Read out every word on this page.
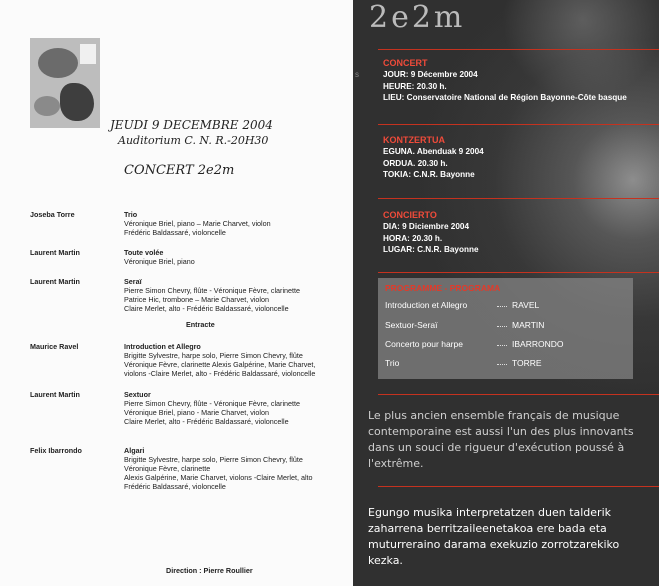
JEUDI 9 DECEMBRE 2004
Auditorium C. N. R.-20H30
CONCERT 2e2m
Joseba Torre	Trio
Véronique Briel, piano – Marie Charvet, violon
Frédéric Baldassaré, violoncelle
Laurent Martin	Toute volée
Véronique Briel, piano
Laurent Martin	Seraï
Pierre Simon Chevry, flûte - Véronique Fèvre, clarinette
Patrice Hic, trombone – Marie Charvet, violon
Claire Merlet, alto - Frédéric Baldassaré, violoncelle
Entracte
Maurice Ravel	Introduction et Allegro
Brigitte Sylvestre, harpe solo, Pierre Simon Chevry, flûte
Véronique Fèvre, clarinette Alexis Galpérine, Marie Charvet,
violons -Claire Merlet, alto - Frédéric Baldassaré, violoncelle
Laurent Martin	Sextuor
Pierre Simon Chevry, flûte - Véronique Fèvre, clarinette
Véronique Briel, piano - Marie Charvet, violon
Claire Merlet, alto - Frédéric Baldassaré, violoncelle
Felix Ibarrondo	Algari
Brigitte Sylvestre, harpe solo, Pierre Simon Chevry, flûte
Véronique Fèvre, clarinette
Alexis Galpérine, Marie Charvet, violons -Claire Merlet, alto
Frédéric Baldassaré, violoncelle
Direction : Pierre Roullier
2e2m
s
CONCERT
JOUR: 9 Décembre 2004
HEURE: 20.30 h.
LIEU: Conservatoire National de Région Bayonne-Côte basque
KONTZERTUA
EGUNA. Abenduak 9 2004
ORDUA. 20.30 h.
TOKIA: C.N.R. Bayonne
CONCIERTO
DIA: 9 Diciembre 2004
HORA: 20.30 h.
LUGAR: C.N.R. Bayonne
PROGRAMME - PROGRAMA
Introduction et Allegro	RAVEL
Sextuor-Seraï	MARTIN
Concerto pour harpe	IBARRONDO
Trio	TORRE
Le plus ancien ensemble français de musique contemporaine est aussi l'un des plus innovants dans un souci de rigueur d'exécution poussé à l'extrême.
Egungo musika interpretatzen duen talderik zaharrena berritzaileenetakoa ere bada eta muturreraino darama exekuzio zorrotzarekiko kezka.
